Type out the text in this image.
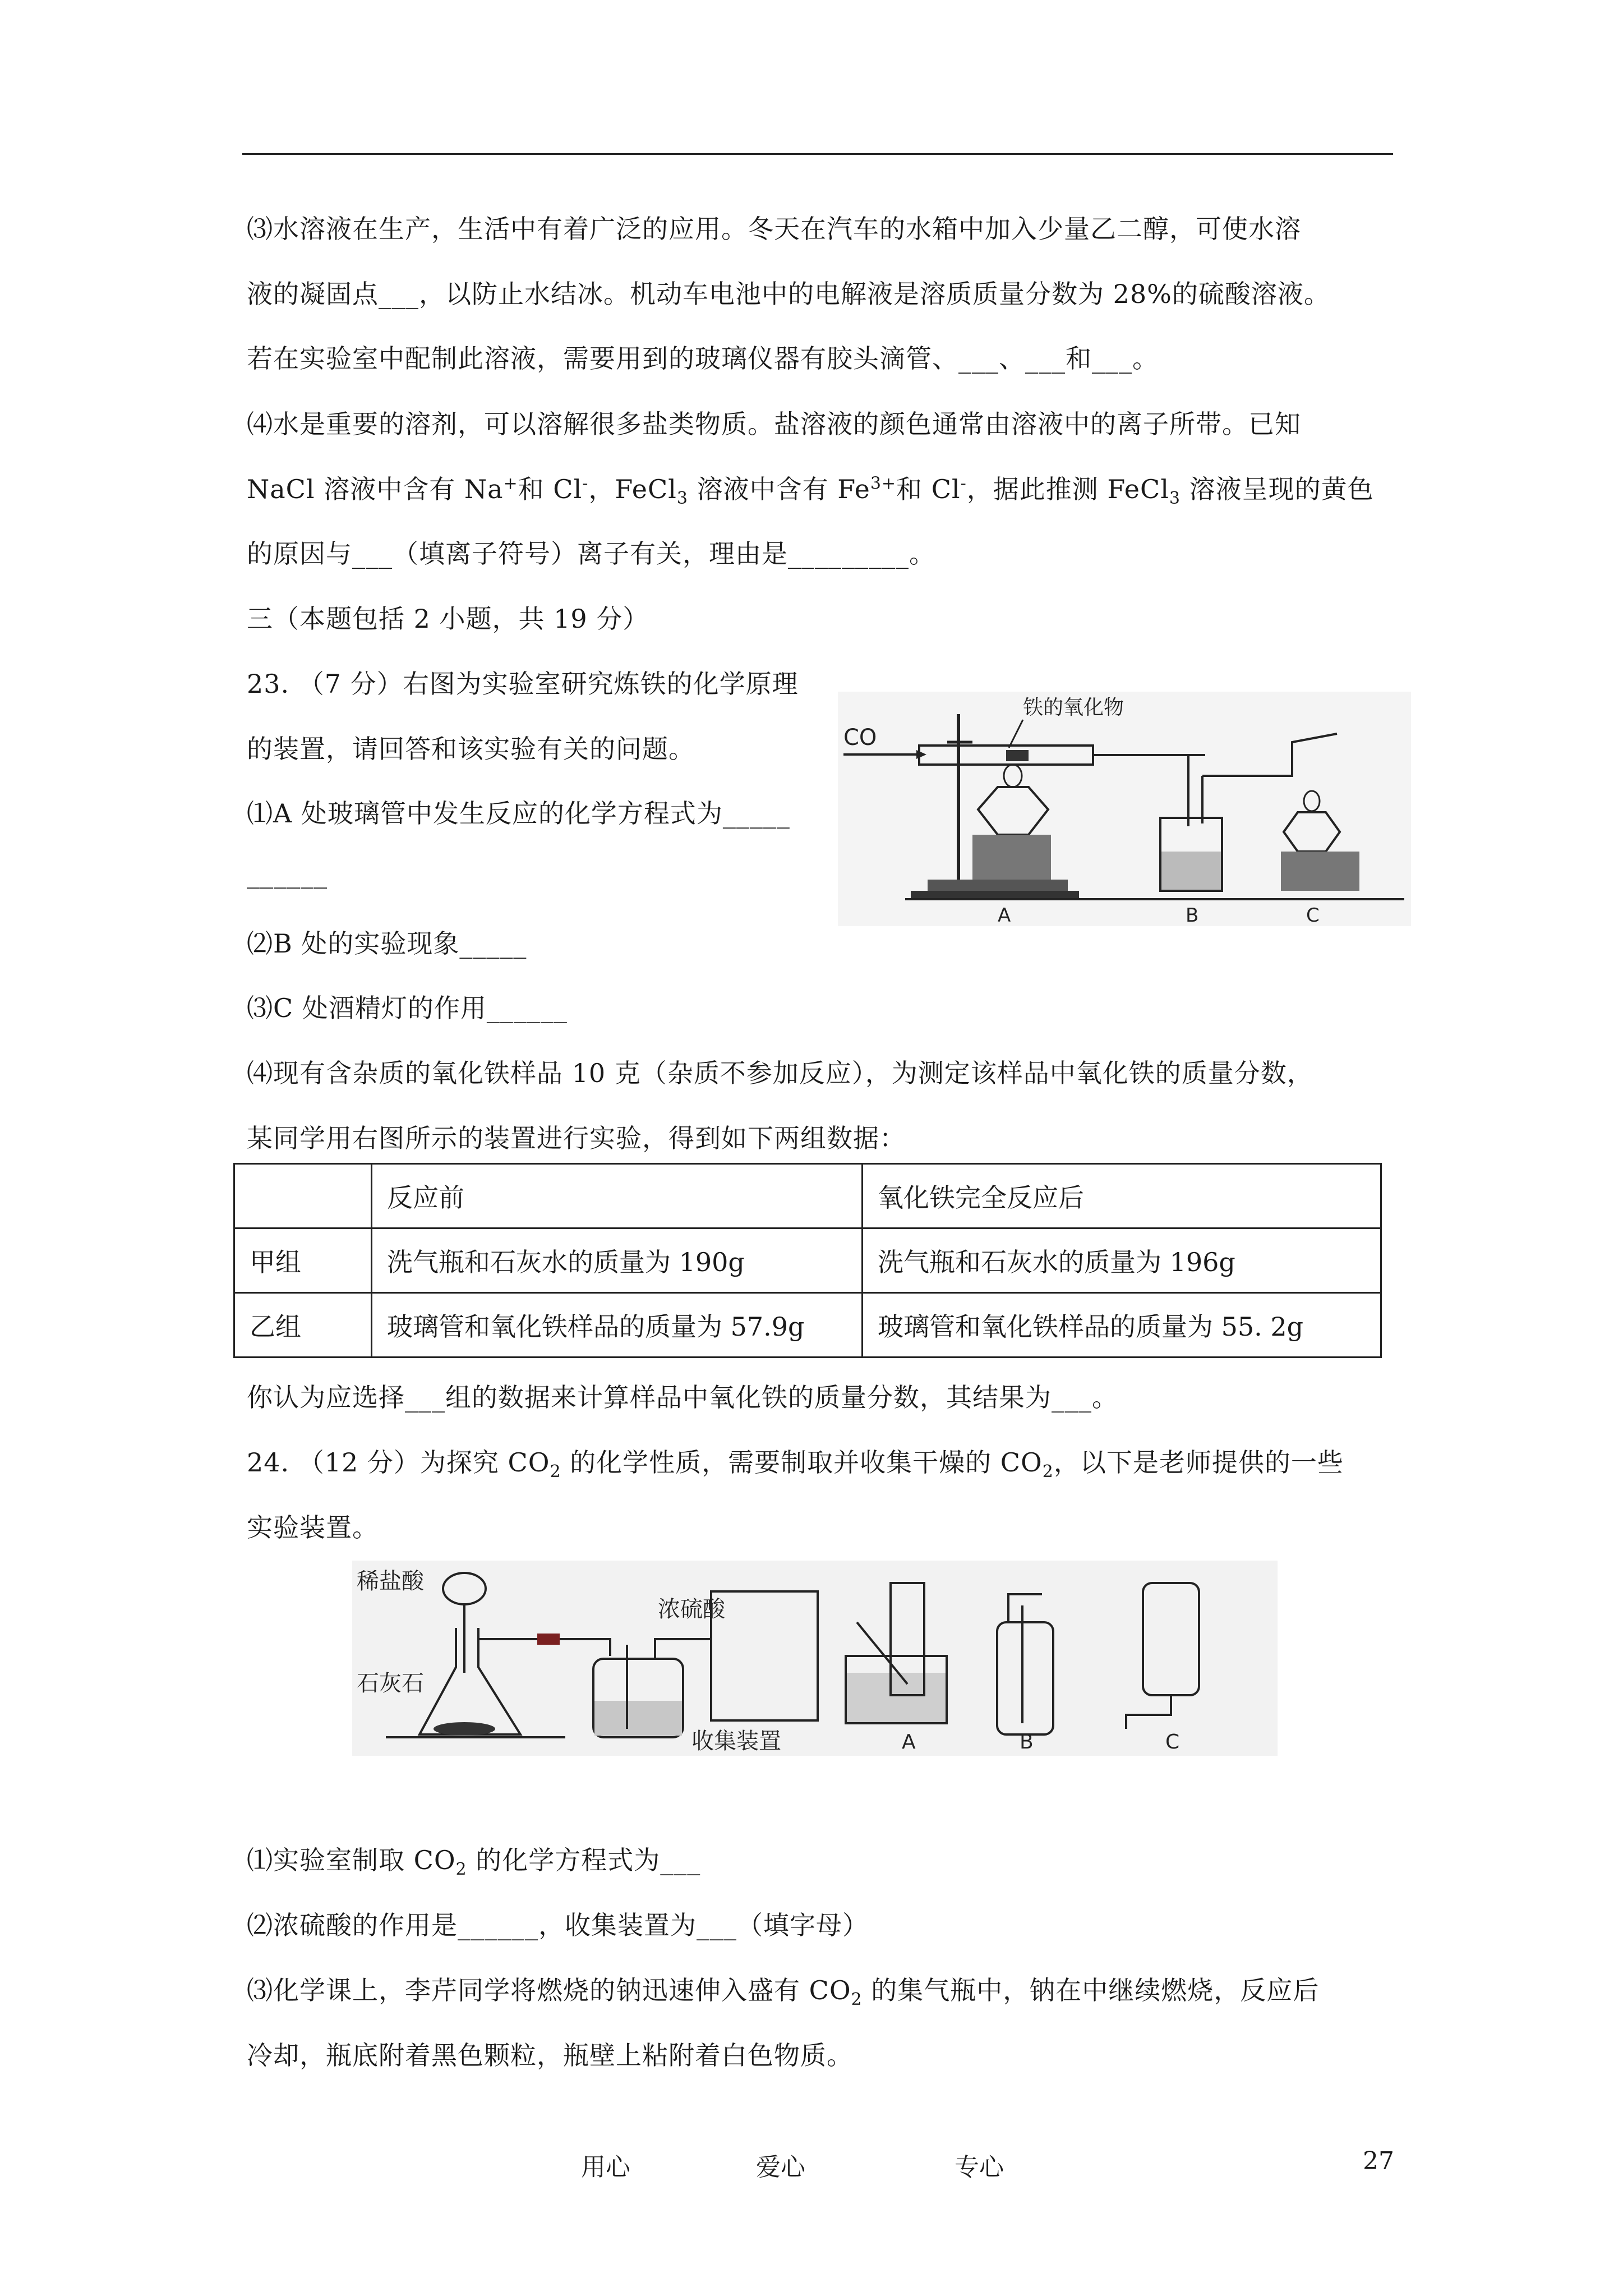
⑶水溶液在生产，生活中有着广泛的应用。冬天在汽车的水箱中加入少量乙二醇，可使水溶
液的凝固点___，以防止水结冰。机动车电池中的电解液是溶质质量分数为 28%的硫酸溶液。
若在实验室中配制此溶液，需要用到的玻璃仪器有胶头滴管、___、___和___。
⑷水是重要的溶剂，可以溶解很多盐类物质。盐溶液的颜色通常由溶液中的离子所带。已知
NaCl 溶液中含有 Na+和 Cl-，FeCl$_3$ 溶液中含有 $Fe^{3+}$和 Cl-，据此推测 FeCl$_3$ 溶液呈现的黄色
的原因与___（填离子符号）离子有关，理由是_________。
三（本题包括 2 小题，共 19 分）
23. （7 分）右图为实验室研究炼铁的化学原理
的装置，请回答和该实验有关的问题。
⑴A 处玻璃管中发生反应的化学方程式为_____
______
⑵B 处的实验现象_____
⑶C 处酒精灯的作用______
⑷现有含杂质的氧化铁样品 10 克（杂质不参加反应），为测定该样品中氧化铁的质量分数，
某同学用右图所示的装置进行实验，得到如下两组数据：
CO
铁的氧化物
A	B	C
	反应前	氧化铁完全反应后
甲组	洗气瓶和石灰水的质量为 190g	洗气瓶和石灰水的质量为 196g
乙组	玻璃管和氧化铁样品的质量为 57.9g	玻璃管和氧化铁样品的质量为 55. 2g
你认为应选择___组的数据来计算样品中氧化铁的质量分数，其结果为___。
24. （12 分）为探究 $CO_2$ 的化学性质，需要制取并收集干燥的 $CO_2$，以下是老师提供的一些
实验装置。
稀盐酸
石灰石
浓硫酸
收集装置	A	B	C
⑴实验室制取 $CO_2$ 的化学方程式为___
⑵浓硫酸的作用是______，收集装置为___（填字母）
⑶化学课上，李芹同学将燃烧的钠迅速伸入盛有 $CO_2$ 的集气瓶中，钠在中继续燃烧，反应后
冷却，瓶底附着黑色颗粒，瓶壁上粘附着白色物质。
用心	爱心	专心	27
